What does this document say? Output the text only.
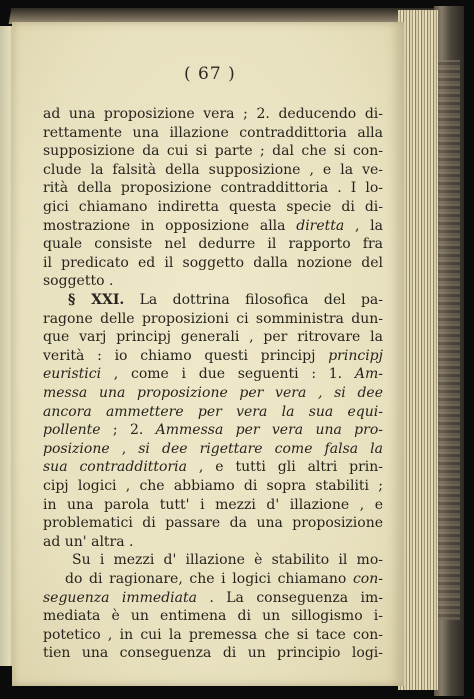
( 67 )
ad una proposizione vera ; 2. deducendo di-
rettamente una illazione contraddittoria alla
supposizione da cui si parte ; dal che si con-
clude la falsità della supposizione , e la ve-
rità della proposizione contraddittoria . I lo-
gici chiamano indiretta questa specie di di-
mostrazione in opposizione alla diretta , la
quale consiste nel dedurre il rapporto fra
il predicato ed il soggetto dalla nozione del
soggetto .
§ XXI. La dottrina filosofica del pa-
ragone delle proposizioni ci somministra dun-
que varj principj generali , per ritrovare la
verità : io chiamo questi principj principj
euristici , come i due seguenti : 1. Am-
messa una proposizione per vera , si dee
ancora ammettere per vera la sua equi-
pollente ; 2. Ammessa per vera una pro-
posizione , si dee rigettare come falsa la
sua contraddittoria , e tutti gli altri prin-
cipj logici , che abbiamo di sopra stabiliti ;
in una parola tutt' i mezzi d' illazione , e
problematici di passare da una proposizione
ad un' altra .
Su i mezzi d' illazione è stabilito il mo-
do di ragionare, che i logici chiamano con-
seguenza immediata . La conseguenza im-
mediata è un entimena di un sillogismo i-
potetico , in cui la premessa che si tace con-
tien una conseguenza di un principio logi-
